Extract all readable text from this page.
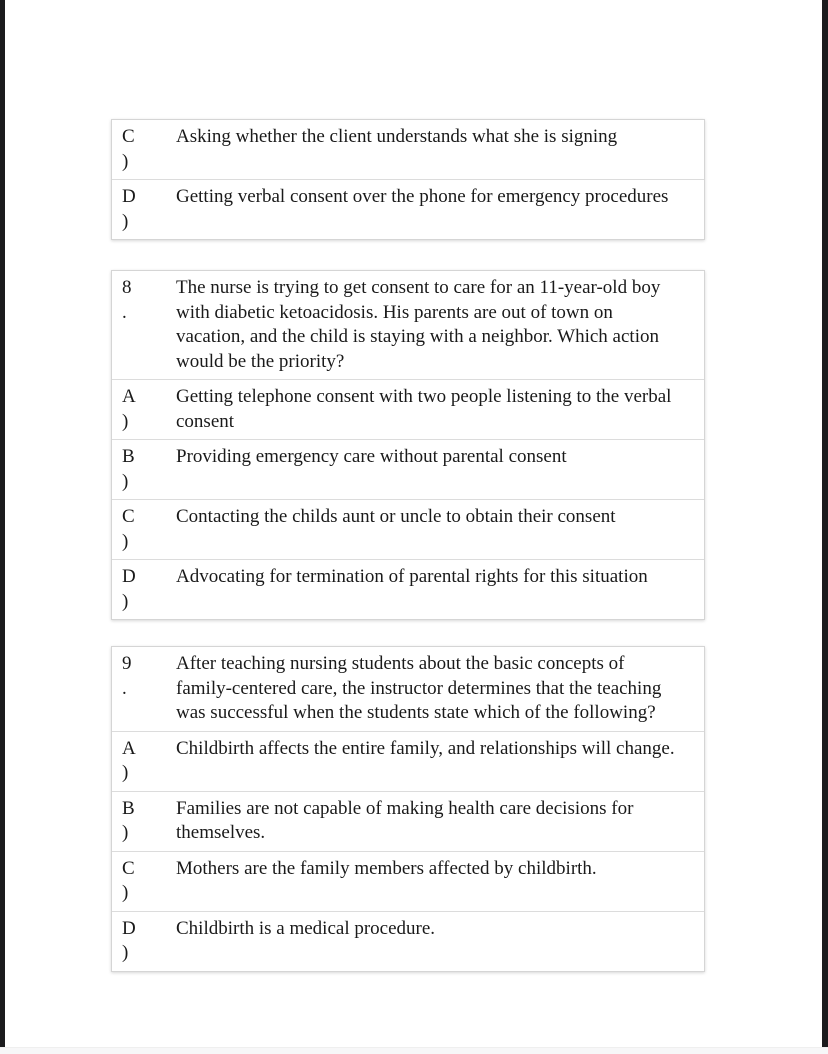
C
)
Asking whether the client understands what she is signing
D
)
Getting verbal consent over the phone for emergency procedures
8
.
The nurse is trying to get consent to care for an 11-year-old boy with diabetic ketoacidosis. His parents are out of town on vacation, and the child is staying with a neighbor. Which action would be the priority?
A
)
Getting telephone consent with two people listening to the verbal consent
B
)
Providing emergency care without parental consent
C
)
Contacting the childs aunt or uncle to obtain their consent
D
)
Advocating for termination of parental rights for this situation
9
.
After teaching nursing students about the basic concepts of family-centered care, the instructor determines that the teaching was successful when the students state which of the following?
A
)
Childbirth affects the entire family, and relationships will change.
B
)
Families are not capable of making health care decisions for themselves.
C
)
Mothers are the family members affected by childbirth.
D
)
Childbirth is a medical procedure.
